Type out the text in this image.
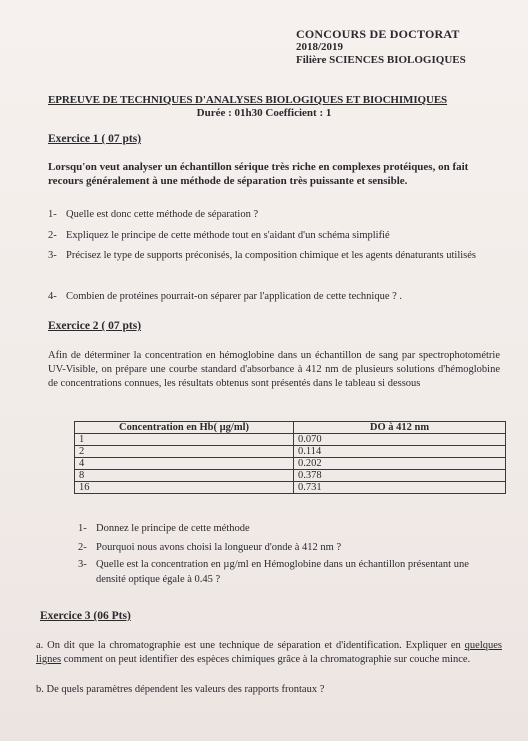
CONCOURS DE DOCTORAT
2018/2019
Filière SCIENCES BIOLOGIQUES
EPREUVE DE TECHNIQUES D'ANALYSES BIOLOGIQUES ET BIOCHIMIQUES
Durée : 01h30 Coefficient : 1
Exercice 1 ( 07 pts)
Lorsqu'on veut analyser un échantillon sérique très riche en complexes protéiques, on fait recours généralement à une méthode de séparation très puissante et sensible.
1- Quelle est donc cette méthode de séparation ?
2- Expliquez le principe de cette méthode tout en s'aidant d'un schéma simplifié
3- Précisez le type de supports préconisés, la composition chimique et les agents dénaturants utilisés
4- Combien de protéines pourrait-on séparer par l'application de cette technique ? .
Exercice 2 ( 07 pts)
Afin de déterminer la concentration en hémoglobine dans un échantillon de sang par spectrophotométrie UV-Visible, on prépare une courbe standard d'absorbance à 412 nm de plusieurs solutions d'hémoglobine de concentrations connues, les résultats obtenus sont présentés dans le tableau si dessous
Concentration en Hb( µg/ml)	DO à 412 nm
1	0.070
2	0.114
4	0.202
8	0.378
16	0.731
1- Donnez le principe de cette méthode
2- Pourquoi nous avons choisi la longueur d'onde à 412 nm ?
3- Quelle est la concentration en µg/ml en Hémoglobine dans un échantillon présentant une densité optique égale à 0.45 ?
Exercice 3 (06 Pts)
a. On dit que la chromatographie est une technique de séparation et d'identification. Expliquer en quelques lignes comment on peut identifier des espèces chimiques grâce à la chromatographie sur couche mince.
b. De quels paramètres dépendent les valeurs des rapports frontaux ?
